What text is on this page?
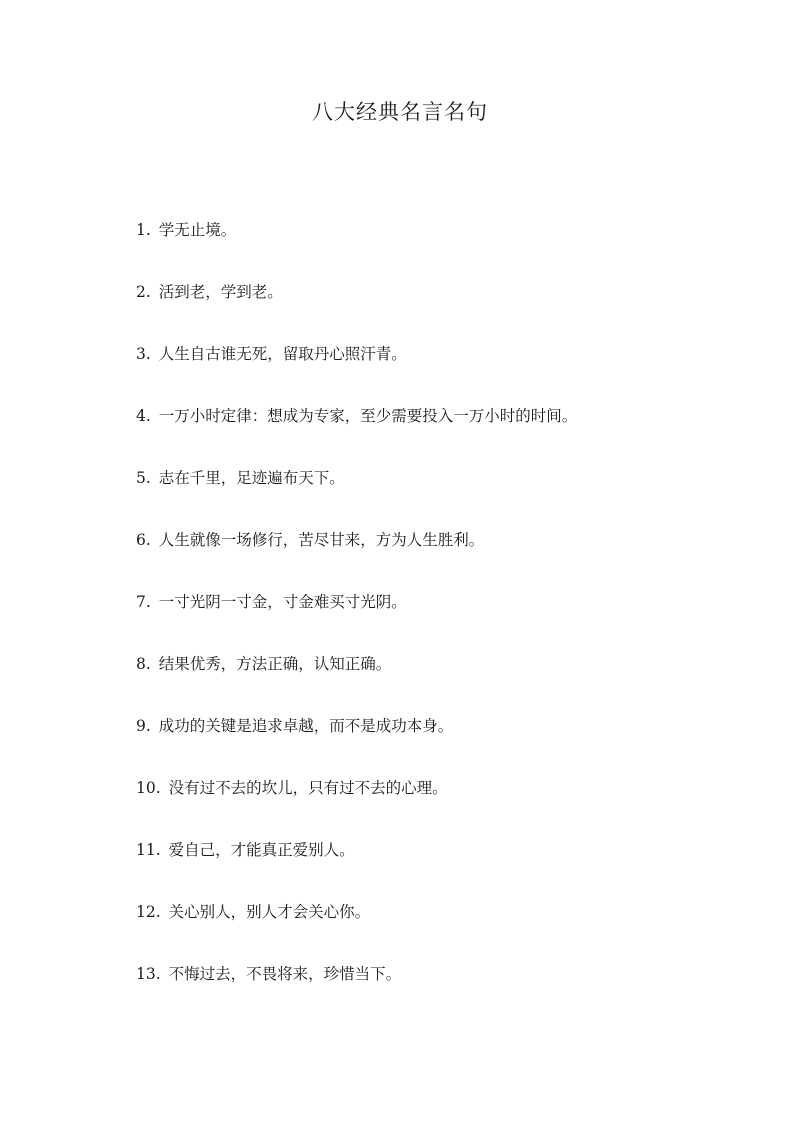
八大经典名言名句
1. 学无止境。
2. 活到老，学到老。
3. 人生自古谁无死，留取丹心照汗青。
4. 一万小时定律：想成为专家，至少需要投入一万小时的时间。
5. 志在千里，足迹遍布天下。
6. 人生就像一场修行，苦尽甘来，方为人生胜利。
7. 一寸光阴一寸金，寸金难买寸光阴。
8. 结果优秀，方法正确，认知正确。
9. 成功的关键是追求卓越，而不是成功本身。
10. 没有过不去的坎儿，只有过不去的心理。
11. 爱自己，才能真正爱别人。
12. 关心别人，别人才会关心你。
13. 不悔过去，不畏将来，珍惜当下。
